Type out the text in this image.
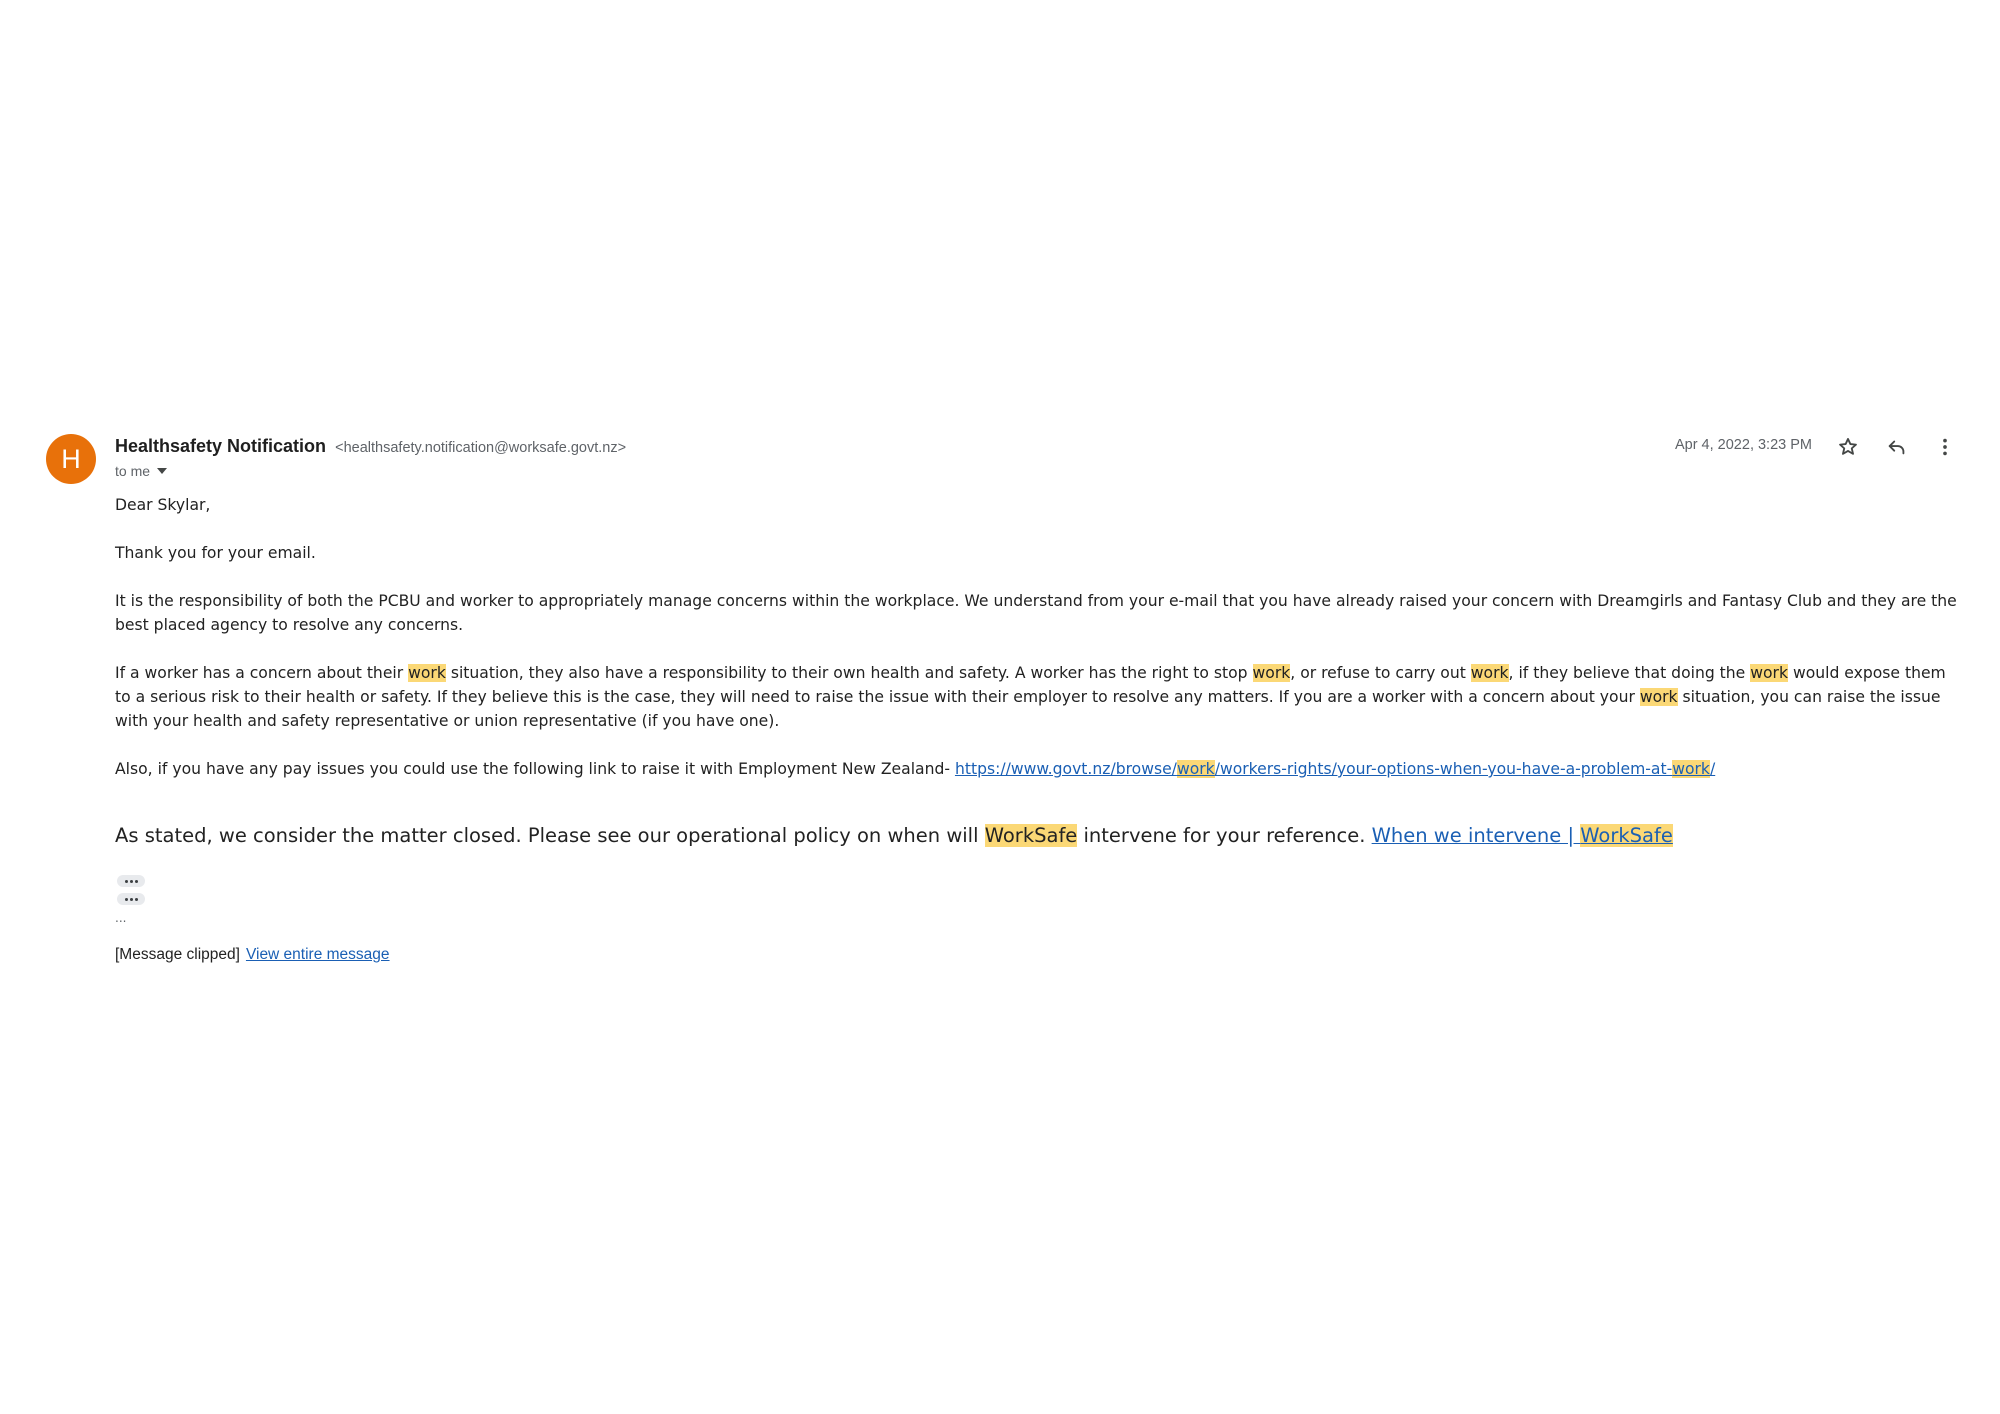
H	Healthsafety Notification <healthsafety.notification@worksafe.govt.nz>
to me
Apr 4, 2022, 3:23 PM

Dear Skylar,

Thank you for your email.

It is the responsibility of both the PCBU and worker to appropriately manage concerns within the workplace. We understand from your e-mail that you have already raised your concern with Dreamgirls and Fantasy Club and they are the best placed agency to resolve any concerns.

If a worker has a concern about their work situation, they also have a responsibility to their own health and safety. A worker has the right to stop work, or refuse to carry out work, if they believe that doing the work would expose them to a serious risk to their health or safety. If they believe this is the case, they will need to raise the issue with their employer to resolve any matters. If you are a worker with a concern about your work situation, you can raise the issue with your health and safety representative or union representative (if you have one).

Also, if you have any pay issues you could use the following link to raise it with Employment New Zealand- https://www.govt.nz/browse/work/workers-rights/your-options-when-you-have-a-problem-at-work/

As stated, we consider the matter closed. Please see our operational policy on when will WorkSafe intervene for your reference. When we intervene | WorkSafe

...
[Message clipped] View entire message
